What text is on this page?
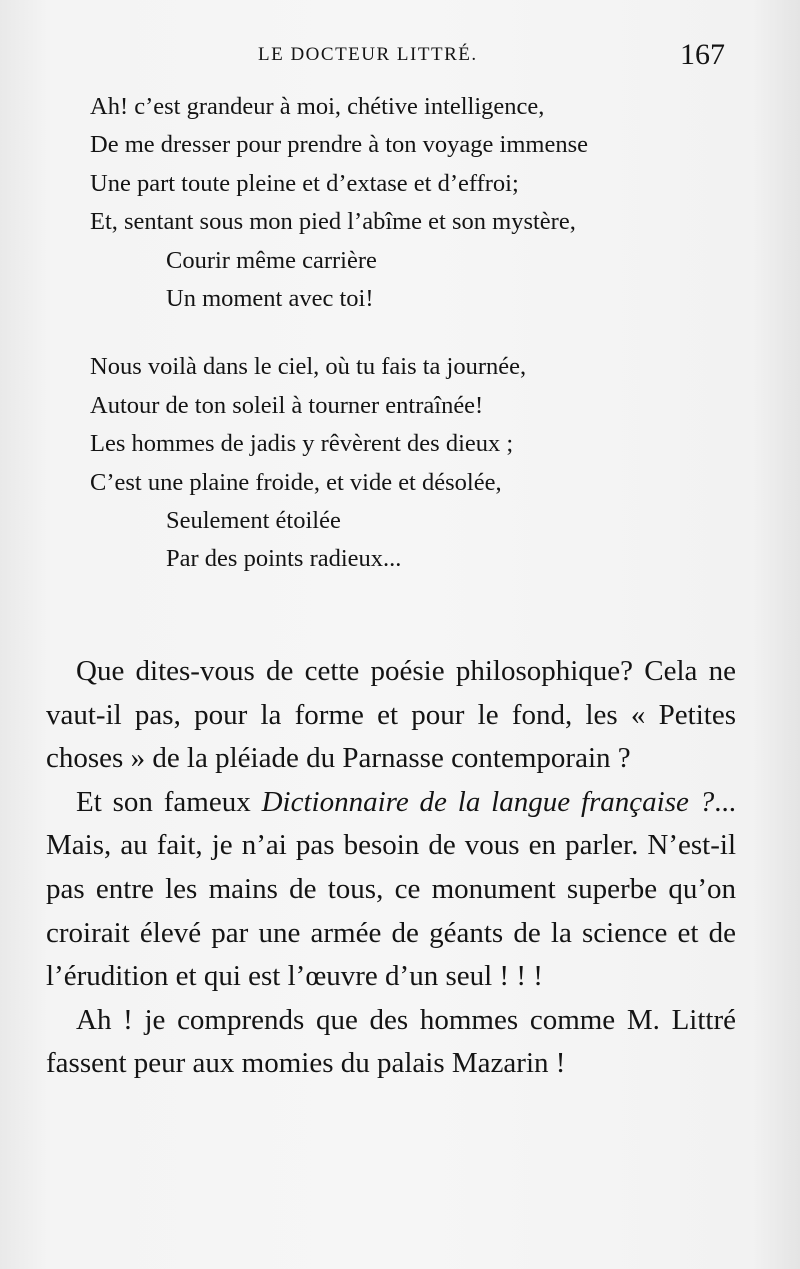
LE DOCTEUR LITTRÉ.	167
Ah! c’est grandeur à moi, chétive intelligence,
De me dresser pour prendre à ton voyage immense
Une part toute pleine et d’extase et d’effroi;
Et, sentant sous mon pied l’abîme et son mystère,
Courir même carrière
Un moment avec toi!
Nous voilà dans le ciel, où tu fais ta journée,
Autour de ton soleil à tourner entraînée!
Les hommes de jadis y rêvèrent des dieux ;
C’est une plaine froide, et vide et désolée,
Seulement étoilée
Par des points radieux...

Que dites-vous de cette poésie philosophique? Cela ne vaut-il pas, pour la forme et pour le fond, les « Petites choses » de la pléiade du Parnasse contemporain ?

Et son fameux Dictionnaire de la langue française ?... Mais, au fait, je n’ai pas besoin de vous en parler. N’est-il pas entre les mains de tous, ce monument superbe qu’on croirait élevé par une armée de géants de la science et de l’érudition et qui est l’œuvre d’un seul ! ! !

Ah ! je comprends que des hommes comme M. Littré fassent peur aux momies du palais Mazarin !
